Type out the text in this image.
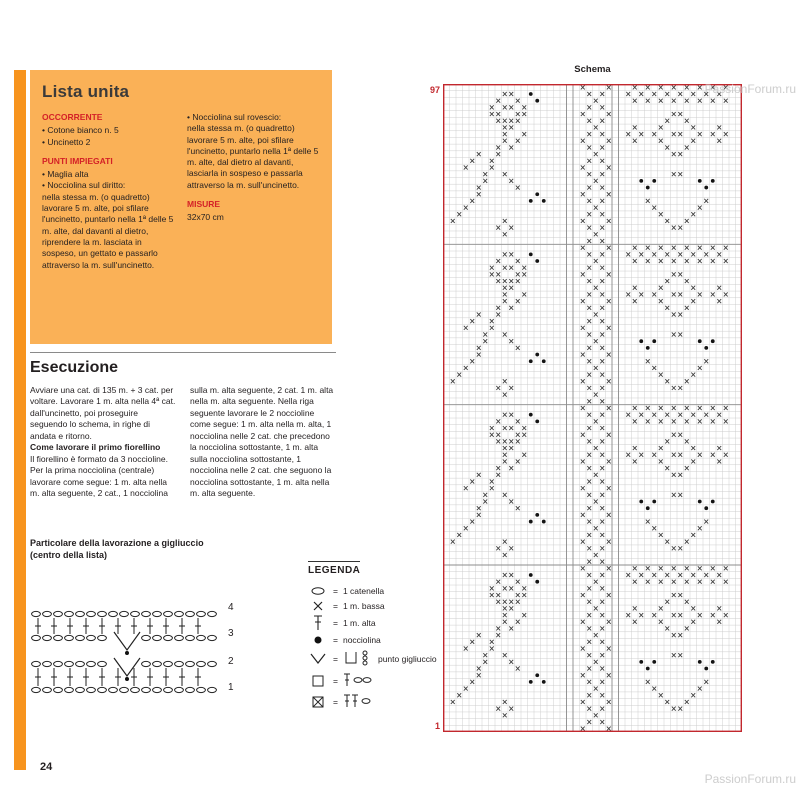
Lista unita
OCCORRENTE
• Cotone bianco n. 5
• Uncinetto 2
PUNTI IMPIEGATI
• Maglia alta
• Nocciolina sul diritto:
nella stessa m. (o quadretto) lavorare 5 m. alte, poi sfilare l'uncinetto, puntarlo nella 1ª delle 5 m. alte, dal davanti al dietro, riprendere la m. lasciata in sospeso, un gettato e passarlo attraverso la m. sull'uncinetto.
• Nocciolina sul rovescio:
nella stessa m. (o quadretto) lavorare 5 m. alte, poi sfilare l'uncinetto, puntarlo nella 1ª delle 5 m. alte, dal dietro al davanti, lasciarla in sospeso e passarla attraverso la m. sull'uncinetto.
MISURE
32x70 cm
Esecuzione

Avviare una cat. di 135 m. + 3 cat. per voltare. Lavorare 1 m. alta nella 4ª cat. dall'uncinetto, poi proseguire seguendo lo schema, in righe di andata e ritorno.

Come lavorare il primo fiorellino

Il fiorellino è formato da 3 noccioline.

Per la prima nocciolina (centrale) lavorare come segue: 1 m. alta nella m. alta seguente, 2 cat., 1 nocciolina

sulla m. alta seguente, 2 cat. 1 m. alta nella m. alta seguente. Nella riga seguente lavorare le 2 noccioline come segue: 1 m. alta nella m. alta, 1 nocciolina nelle 2 cat. che precedono la nocciolina sottostante, 1 m. alta sulla nocciolina sottostante, 1 nocciolina nelle 2 cat. che seguono la nocciolina sottostante, 1 m. alta nella m. alta seguente.

Particolare della lavorazione a gigliuccio (centro della lista)

4
3
2
1
LEGENDA
= 1 catenella
= 1 m. bassa
= 1 m. alta
= nocciolina
=	punto gigliuccio
=
=
Schema
97
1
24
PassionForum.ru
PassionForum.ru
